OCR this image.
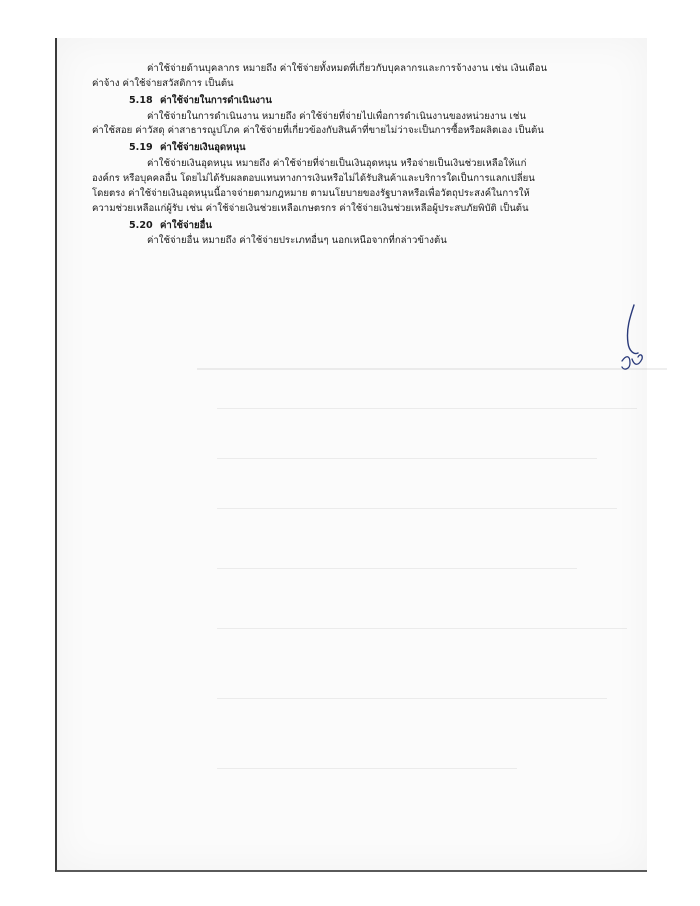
ค่าใช้จ่ายด้านบุคลากร หมายถึง ค่าใช้จ่ายทั้งหมดที่เกี่ยวกับบุคลากรและการจ้างงาน เช่น เงินเดือน

ค่าจ้าง ค่าใช้จ่ายสวัสดิการ เป็นต้น

5.18 ค่าใช้จ่ายในการดำเนินงาน

ค่าใช้จ่ายในการดำเนินงาน หมายถึง ค่าใช้จ่ายที่จ่ายไปเพื่อการดำเนินงานของหน่วยงาน เช่น

ค่าใช้สอย ค่าวัสดุ ค่าสาธารณูปโภค ค่าใช้จ่ายที่เกี่ยวข้องกับสินค้าที่ขายไม่ว่าจะเป็นการซื้อหรือผลิตเอง เป็นต้น

5.19 ค่าใช้จ่ายเงินอุดหนุน

ค่าใช้จ่ายเงินอุดหนุน หมายถึง ค่าใช้จ่ายที่จ่ายเป็นเงินอุดหนุน หรือจ่ายเป็นเงินช่วยเหลือให้แก่

องค์กร หรือบุคคลอื่น โดยไม่ได้รับผลตอบแทนทางการเงินหรือไม่ได้รับสินค้าและบริการใดเป็นการแลกเปลี่ยน

โดยตรง ค่าใช้จ่ายเงินอุดหนุนนี้อาจจ่ายตามกฎหมาย ตามนโยบายของรัฐบาลหรือเพื่อวัตถุประสงค์ในการให้

ความช่วยเหลือแก่ผู้รับ เช่น ค่าใช้จ่ายเงินช่วยเหลือเกษตรกร ค่าใช้จ่ายเงินช่วยเหลือผู้ประสบภัยพิบัติ เป็นต้น

5.20 ค่าใช้จ่ายอื่น

ค่าใช้จ่ายอื่น หมายถึง ค่าใช้จ่ายประเภทอื่นๆ นอกเหนือจากที่กล่าวข้างต้น
